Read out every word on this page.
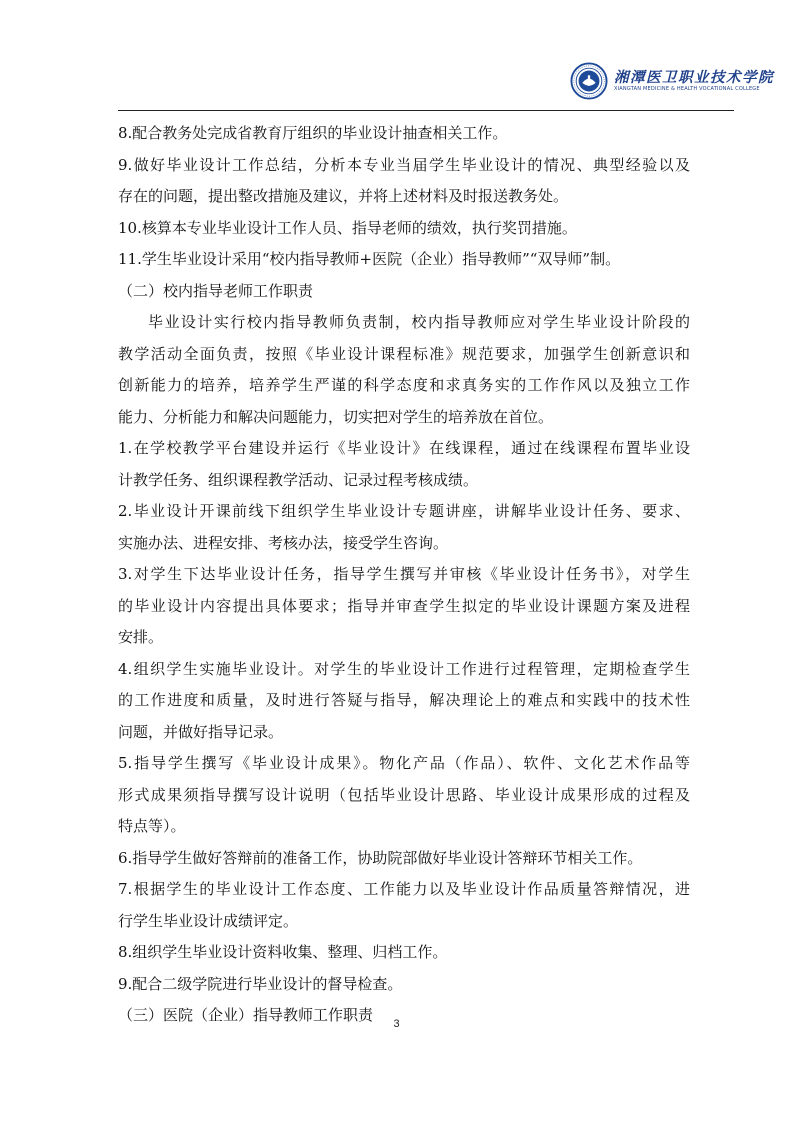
湘潭医卫职业技术学院
XIANGTAN MEDICINE & HEALTH VOCATIONAL COLLEGE
8.配合教务处完成省教育厅组织的毕业设计抽查相关工作。
9.做好毕业设计工作总结，分析本专业当届学生毕业设计的情况、典型经验以及
存在的问题，提出整改措施及建议，并将上述材料及时报送教务处。
10.核算本专业毕业设计工作人员、指导老师的绩效，执行奖罚措施。
11.学生毕业设计采用“校内指导教师+医院（企业）指导教师”“双导师”制。
（二）校内指导老师工作职责
毕业设计实行校内指导教师负责制，校内指导教师应对学生毕业设计阶段的
教学活动全面负责，按照《毕业设计课程标准》规范要求，加强学生创新意识和
创新能力的培养，培养学生严谨的科学态度和求真务实的工作作风以及独立工作
能力、分析能力和解决问题能力，切实把对学生的培养放在首位。
1.在学校教学平台建设并运行《毕业设计》在线课程，通过在线课程布置毕业设
计教学任务、组织课程教学活动、记录过程考核成绩。
2.毕业设计开课前线下组织学生毕业设计专题讲座，讲解毕业设计任务、要求、
实施办法、进程安排、考核办法，接受学生咨询。
3.对学生下达毕业设计任务，指导学生撰写并审核《毕业设计任务书》，对学生
的毕业设计内容提出具体要求；指导并审查学生拟定的毕业设计课题方案及进程
安排。
4.组织学生实施毕业设计。对学生的毕业设计工作进行过程管理，定期检查学生
的工作进度和质量，及时进行答疑与指导，解决理论上的难点和实践中的技术性
问题，并做好指导记录。
5.指导学生撰写《毕业设计成果》。物化产品（作品）、软件、文化艺术作品等
形式成果须指导撰写设计说明（包括毕业设计思路、毕业设计成果形成的过程及
特点等）。
6.指导学生做好答辩前的准备工作，协助院部做好毕业设计答辩环节相关工作。
7.根据学生的毕业设计工作态度、工作能力以及毕业设计作品质量答辩情况，进
行学生毕业设计成绩评定。
8.组织学生毕业设计资料收集、整理、归档工作。
9.配合二级学院进行毕业设计的督导检查。
（三）医院（企业）指导教师工作职责	3
